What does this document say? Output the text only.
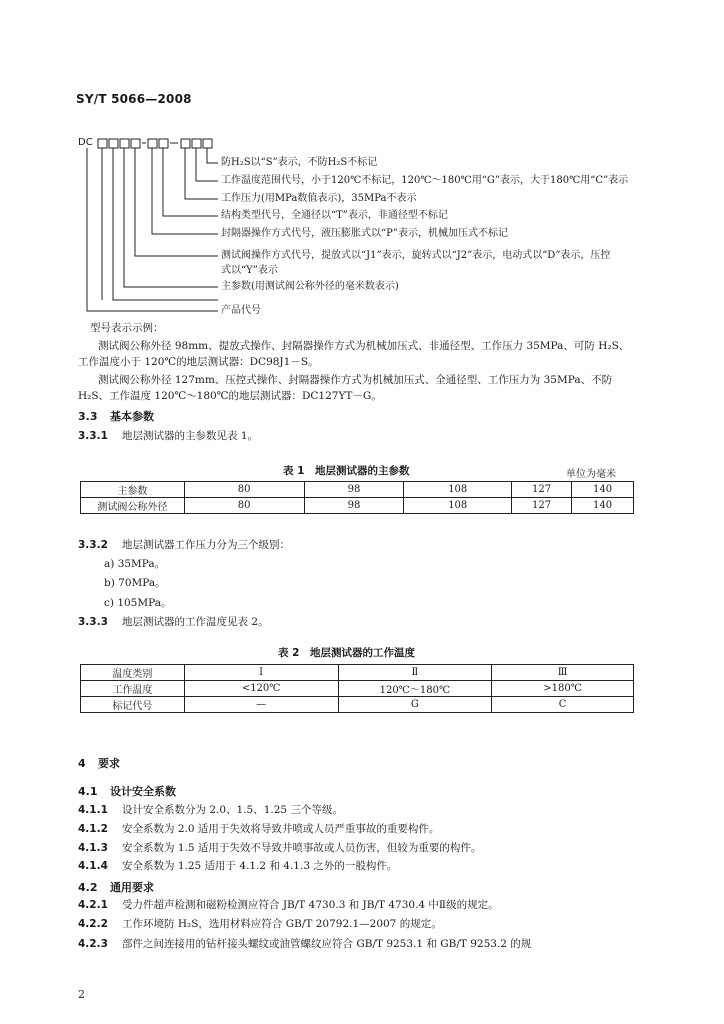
SY/T 5066—2008
DC
防H₂S以“S”表示，不防H₂S不标记
工作温度范围代号，小于120℃不标记，120℃～180℃用“G”表示，大于180℃用“C”表示
工作压力(用MPa数值表示)，35MPa不表示
结构类型代号，全通径以“T”表示，非通径型不标记
封隔器操作方式代号，液压膨胀式以“P”表示，机械加压式不标记
测试阀操作方式代号，提放式以“J1”表示，旋转式以“J2”表示，电动式以“D”表示，压控
式以“Y”表示
主参数(用测试阀公称外径的毫米数表示)
产品代号
型号表示示例：
测试阀公称外径 98mm、提放式操作、封隔器操作方式为机械加压式、非通径型、工作压力 35MPa、可防 H₂S、
工作温度小于 120℃的地层测试器：DC98J1－S。
测试阀公称外径 127mm、压控式操作、封隔器操作方式为机械加压式、全通径型、工作压力为 35MPa、不防
H₂S、工作温度 120℃～180℃的地层测试器：DC127YT－G。
3.3 基本参数
3.3.1 地层测试器的主参数见表 1。
表 1　地层测试器的主参数	单位为毫米
主参数	80	98	108	127	140
测试阀公称外径	80	98	108	127	140
3.3.2 地层测试器工作压力分为三个级别：
a) 35MPa。
b) 70MPa。
c) 105MPa。
3.3.3 地层测试器的工作温度见表 2。
表 2　地层测试器的工作温度
温度类别	Ⅰ	Ⅱ	Ⅲ
工作温度	<120℃	120℃～180℃	>180℃
标记代号	—	G	C
4 要求
4.1 设计安全系数
4.1.1 设计安全系数分为 2.0、1.5、1.25 三个等级。
4.1.2 安全系数为 2.0 适用于失效将导致井喷或人员严重事故的重要构件。
4.1.3 安全系数为 1.5 适用于失效不导致井喷事故或人员伤害，但较为重要的构件。
4.1.4 安全系数为 1.25 适用于 4.1.2 和 4.1.3 之外的一般构件。
4.2 通用要求
4.2.1 受力件超声检测和磁粉检测应符合 JB/T 4730.3 和 JB/T 4730.4 中Ⅱ级的规定。
4.2.2 工作环境防 H₂S，选用材料应符合 GB/T 20792.1—2007 的规定。
4.2.3 部件之间连接用的钻杆接头螺纹或油管螺纹应符合 GB/T 9253.1 和 GB/T 9253.2 的规
2
